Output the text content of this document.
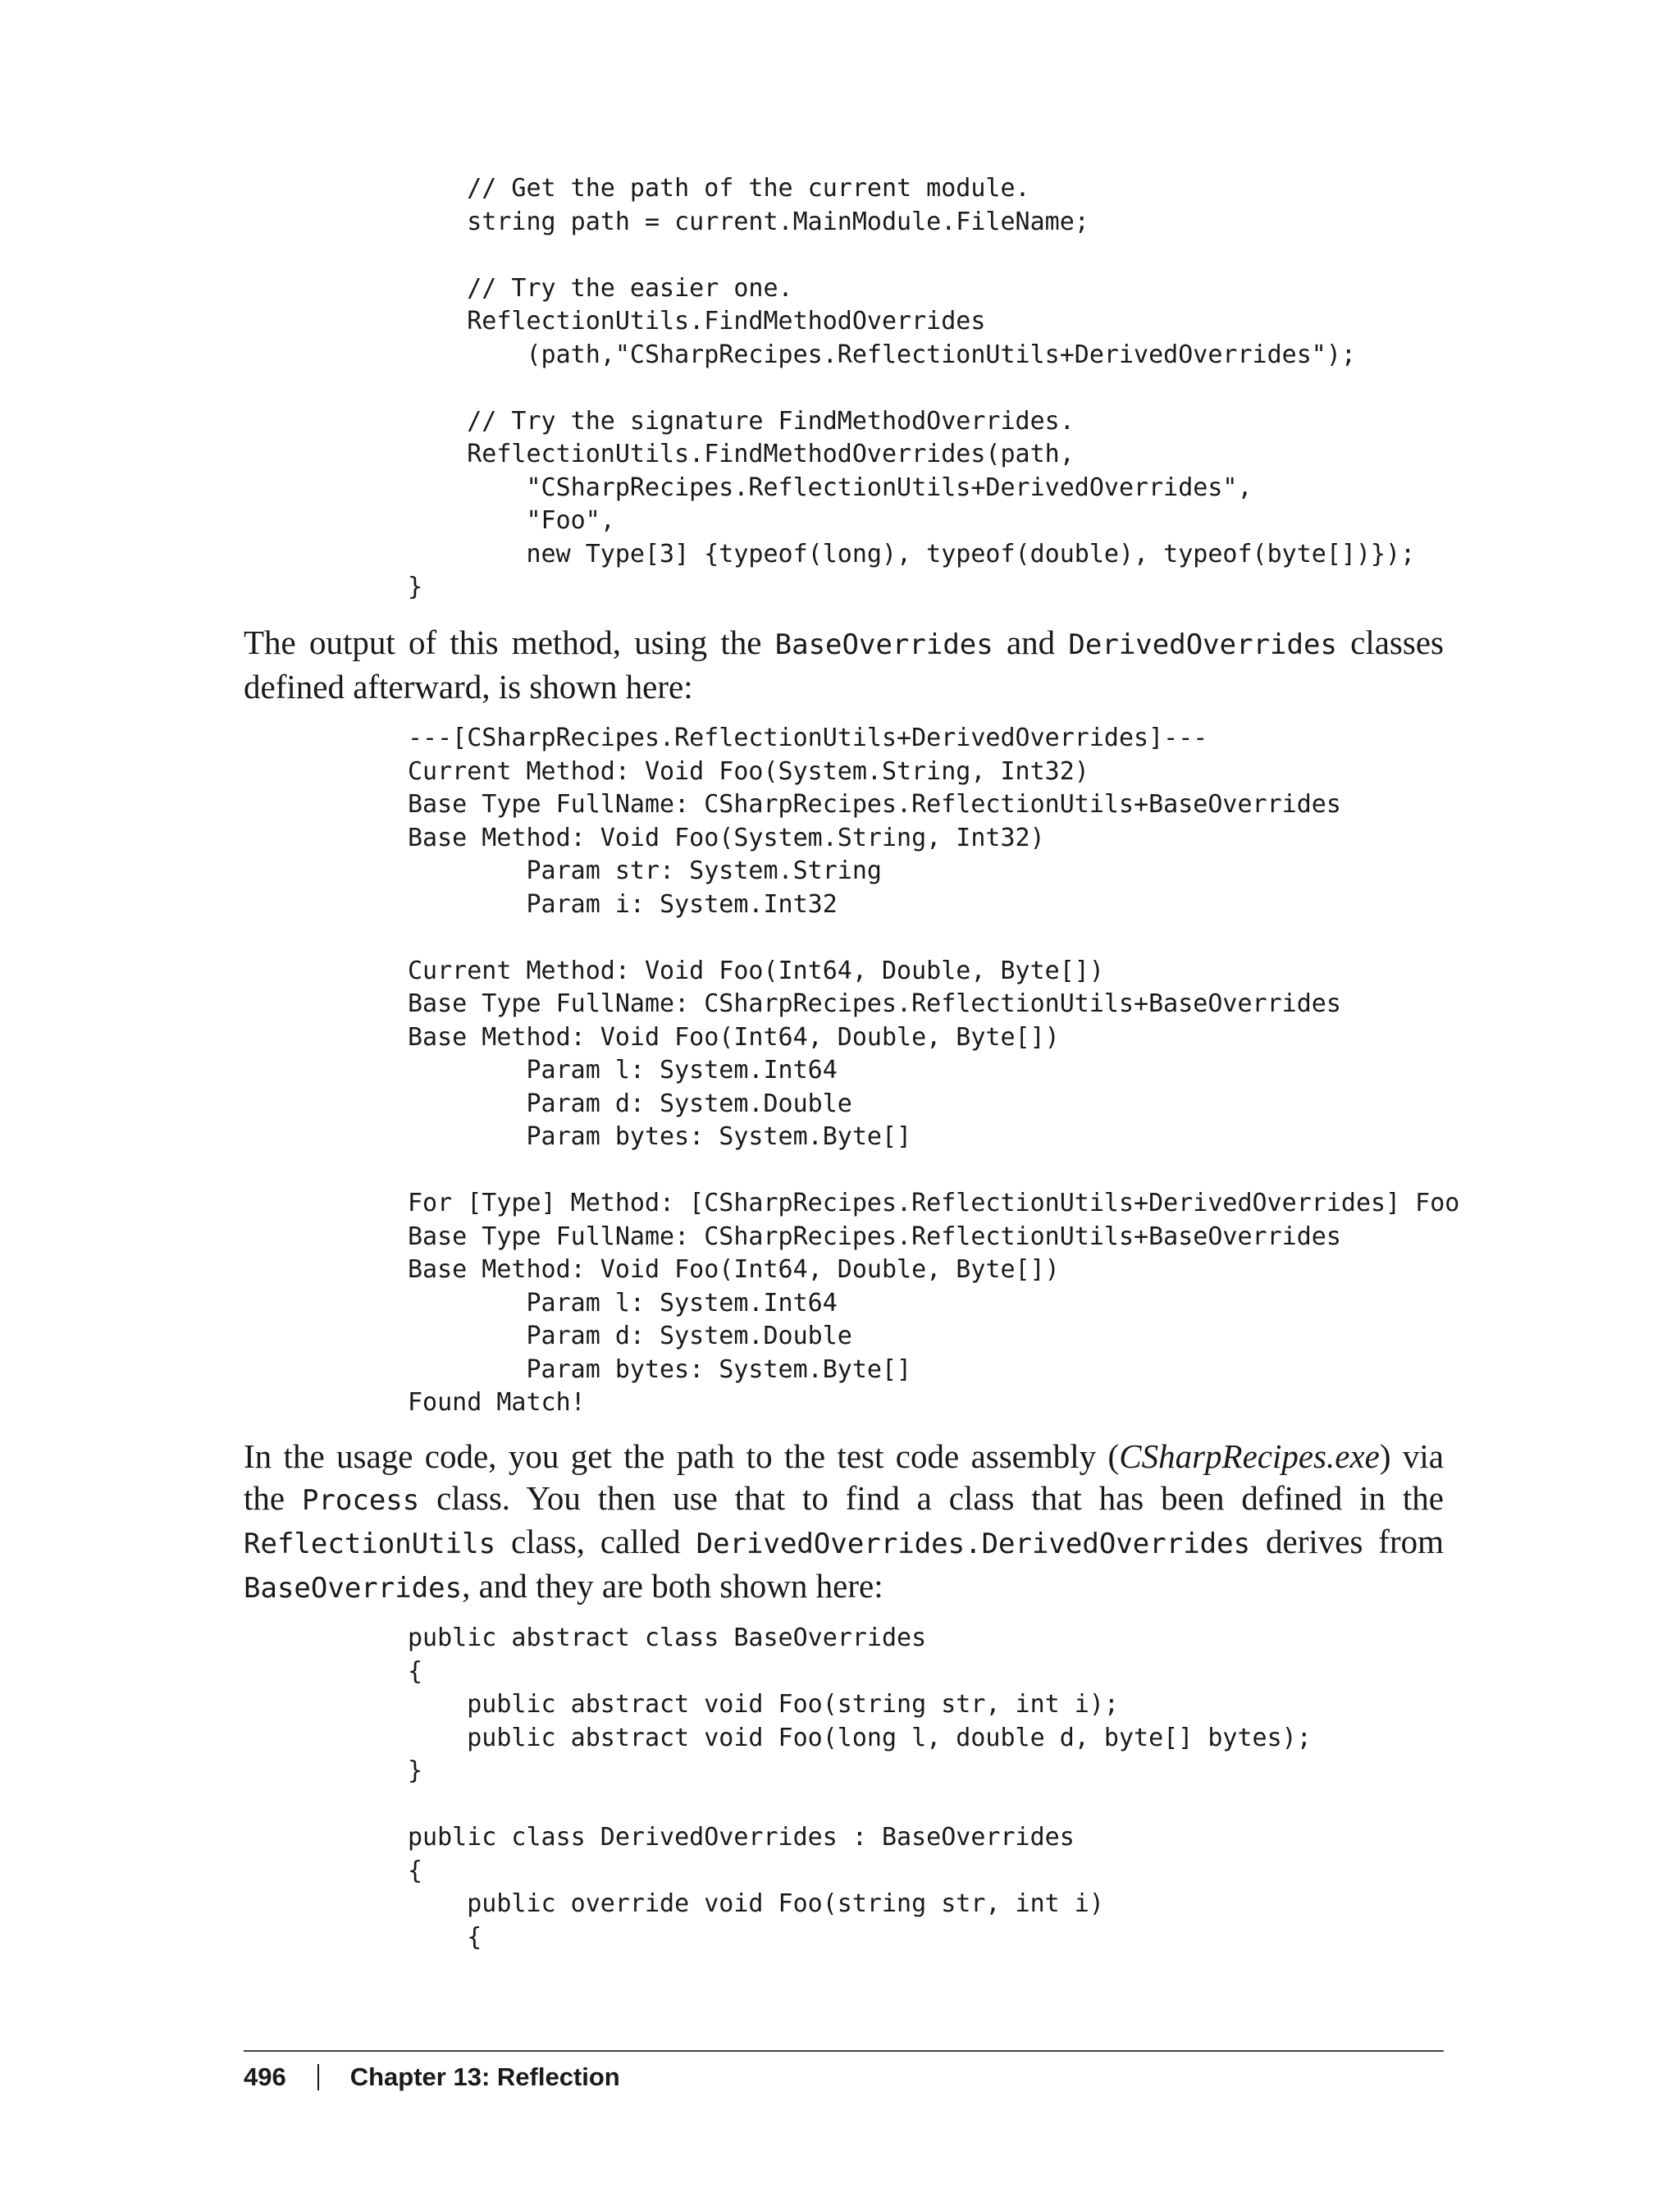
// Get the path of the current module.
string path = current.MainModule.FileName;

// Try the easier one.
ReflectionUtils.FindMethodOverrides
(path,"CSharpRecipes.ReflectionUtils+DerivedOverrides");

// Try the signature FindMethodOverrides.
ReflectionUtils.FindMethodOverrides(path,
"CSharpRecipes.ReflectionUtils+DerivedOverrides",
"Foo",
new Type[3] {typeof(long), typeof(double), typeof(byte[])});
}

The output of this method, using the BaseOverrides and DerivedOverrides classes defined afterward, is shown here:

---[CSharpRecipes.ReflectionUtils+DerivedOverrides]---
Current Method: Void Foo(System.String, Int32)
Base Type FullName: CSharpRecipes.ReflectionUtils+BaseOverrides
Base Method: Void Foo(System.String, Int32)
Param str: System.String
Param i: System.Int32

Current Method: Void Foo(Int64, Double, Byte[])
Base Type FullName: CSharpRecipes.ReflectionUtils+BaseOverrides
Base Method: Void Foo(Int64, Double, Byte[])
Param l: System.Int64
Param d: System.Double
Param bytes: System.Byte[]

For [Type] Method: [CSharpRecipes.ReflectionUtils+DerivedOverrides] Foo
Base Type FullName: CSharpRecipes.ReflectionUtils+BaseOverrides
Base Method: Void Foo(Int64, Double, Byte[])
Param l: System.Int64
Param d: System.Double
Param bytes: System.Byte[]
Found Match!

In the usage code, you get the path to the test code assembly (CSharpRecipes.exe) via the Process class. You then use that to find a class that has been defined in the ReflectionUtils class, called DerivedOverrides.DerivedOverrides derives from BaseOverrides, and they are both shown here:

public abstract class BaseOverrides
{
public abstract void Foo(string str, int i);
public abstract void Foo(long l, double d, byte[] bytes);
}

public class DerivedOverrides : BaseOverrides
{
public override void Foo(string str, int i)
{
496	Chapter 13: Reflection
